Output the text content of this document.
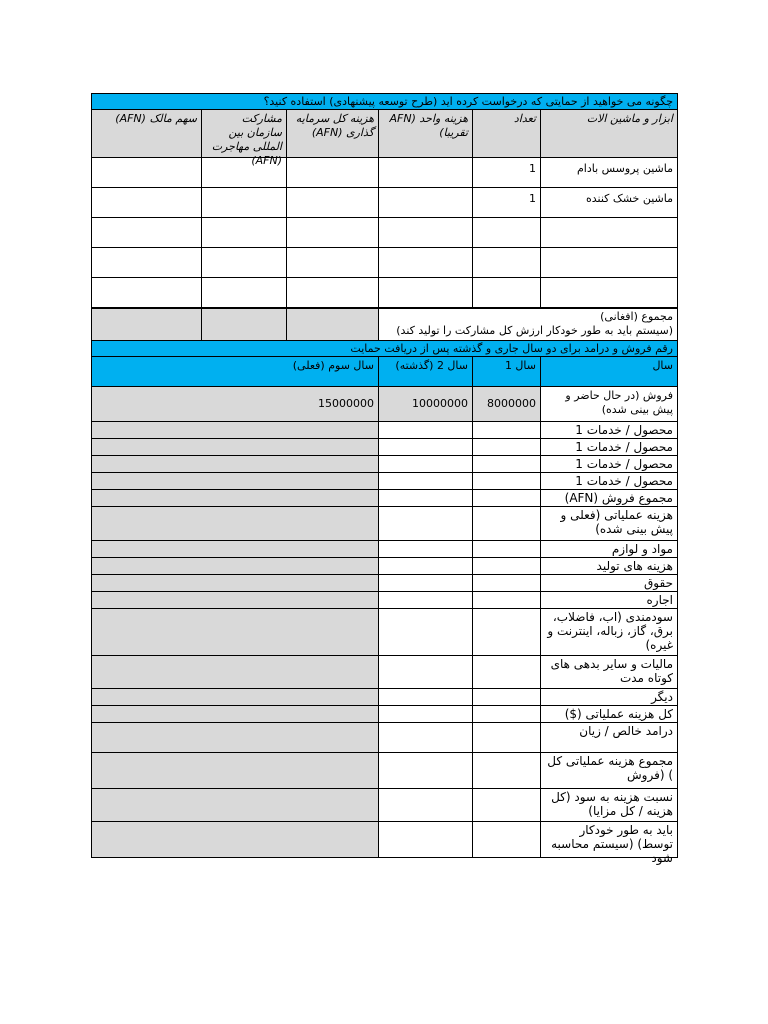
چگونه می خواهید از حمایتی که درخواست کرده اید (طرح توسعه پیشنهادی) استفاده کنید؟
ابزار و ماشین الات
تعداد
هزینه واحد (AFN تقریبا)
هزینه کل سرمایه گذاری (AFN)
مشارکت سازمان بین المللی مهاجرت (AFN)
سهم مالک (AFN)
ماشین پروسس بادام
1
ماشین خشک کننده
1
مجموع (افغانی)
(سیستم باید به طور خودکار ارزش کل مشارکت را تولید کند)
رقم فروش و درامد برای دو سال جاری و گذشته پس از دریافت حمایت
سال
سال 1
سال 2 (گذشته)
سال سوم (فعلی)
فروش (در حال حاضر و پیش بینی شده)
8000000
10000000
15000000
محصول / خدمات 1
محصول / خدمات 1
محصول / خدمات 1
محصول / خدمات 1
مجموع فروش (AFN)
هزینه عملیاتی (فعلی و پیش بینی شده)
مواد و لوازم
هزینه های تولید
حقوق
اجاره
سودمندی (اب، فاضلاب، برق، گاز، زباله، اینترنت و غیره)
مالیات و سایر بدهی های کوتاه مدت
دیگر
کل هزینه عملیاتی ($)
درامد خالص / زیان
مجموع هزینه عملیاتی کل ) (فروش
نسبت هزینه به سود (کل هزینه / کل مزایا)
باید به طور خودکار توسط) (سیستم محاسبه شود
